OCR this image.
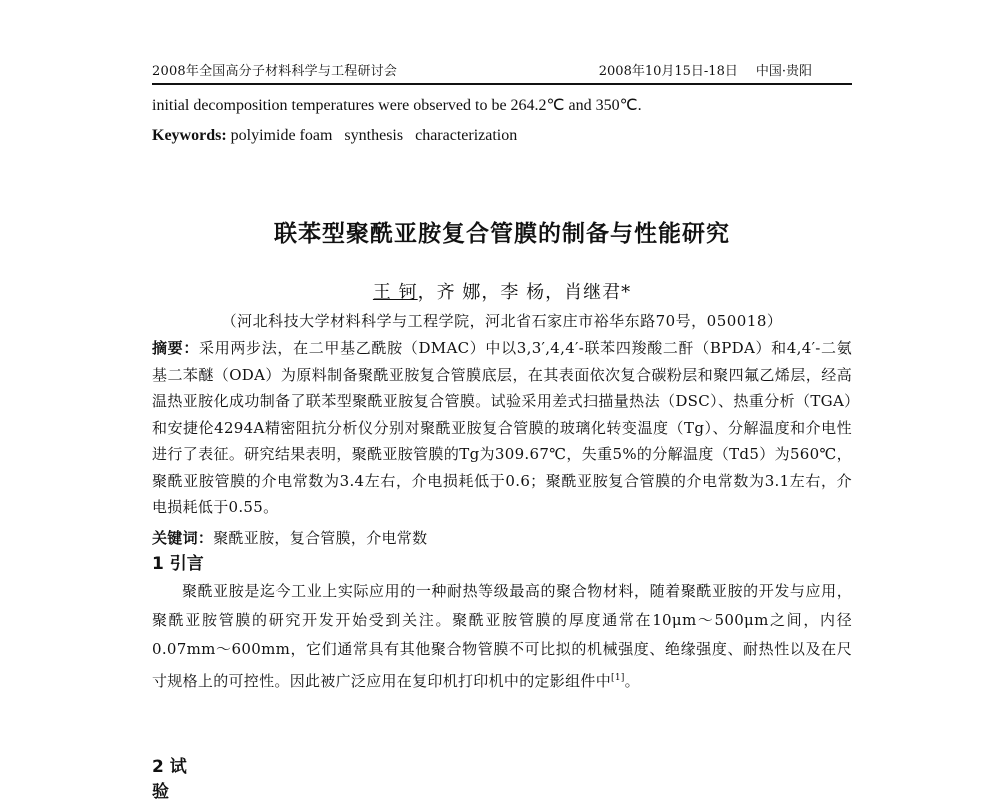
2008年全国高分子材料科学与工程研讨会	2008年10月15日-18日 中国·贵阳
initial decomposition temperatures were observed to be 264.2℃ and 350℃.
Keywords: polyimide foam   synthesis   characterization
联苯型聚酰亚胺复合管膜的制备与性能研究
王 钶，齐 娜，李 杨，肖继君*
（河北科技大学材料科学与工程学院，河北省石家庄市裕华东路70号，050018）
摘要：采用两步法，在二甲基乙酰胺（DMAC）中以3,3′,4,4′-联苯四羧酸二酐（BPDA）和4,4′-二氨基二苯醚（ODA）为原料制备聚酰亚胺复合管膜底层，在其表面依次复合碳粉层和聚四氟乙烯层，经高温热亚胺化成功制备了联苯型聚酰亚胺复合管膜。试验采用差式扫描量热法（DSC）、热重分析（TGA）和安捷伦4294A精密阻抗分析仪分别对聚酰亚胺复合管膜的玻璃化转变温度（Tg）、分解温度和介电性进行了表征。研究结果表明，聚酰亚胺管膜的Tg为309.67℃，失重5%的分解温度（Td5）为560℃，聚酰亚胺管膜的介电常数为3.4左右，介电损耗低于0.6；聚酰亚胺复合管膜的介电常数为3.1左右，介电损耗低于0.55。
关键词：聚酰亚胺，复合管膜，介电常数
1 引言
聚酰亚胺是迄今工业上实际应用的一种耐热等级最高的聚合物材料，随着聚酰亚胺的开发与应用，聚酰亚胺管膜的研究开发开始受到关注。聚酰亚胺管膜的厚度通常在10μm～500μm之间，内径0.07mm～600mm，它们通常具有其他聚合物管膜不可比拟的机械强度、绝缘强度、耐热性以及在尺寸规格上的可控性。因此被广泛应用在复印机打印机中的定影组件中[1]。
2 试验
